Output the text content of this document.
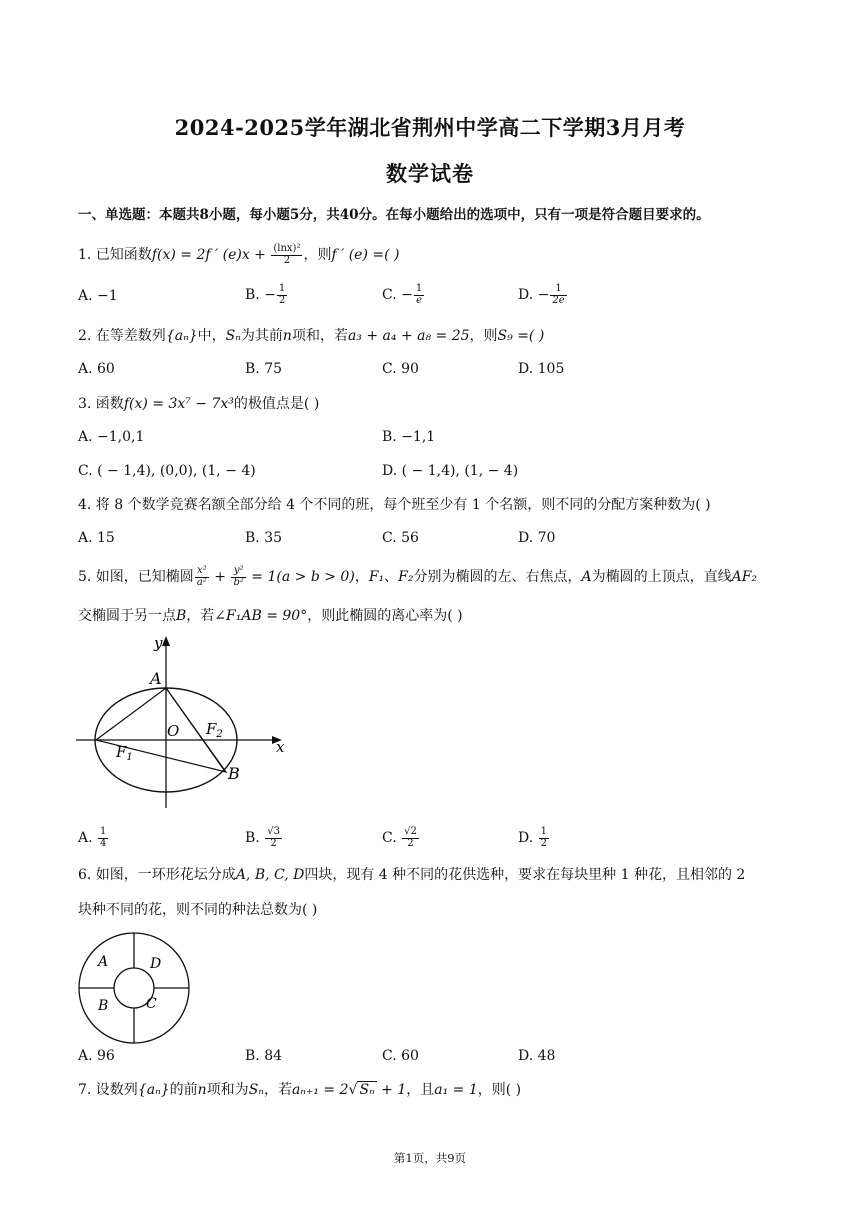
2024-2025学年湖北省荆州中学高二下学期3月月考
数学试卷
一、单选题：本题共8小题，每小题5分，共40分。在每小题给出的选项中，只有一项是符合题目要求的。
1. 已知函数f(x) = 2f ′ $(e)x + \frac{\text{(lnx)²}}{2}$ ，则f ′ (e) =( )
A. −1	B. − $\frac{1}{2}$	C. − $\frac{1}{e}$	D. − $\frac{1}{2e}$
2. 在等差数列{aₙ}中，Sₙ为其前n项和，若a₃ + a₄ + a₈ = 25，则S₉ =( )
A. 60	B. 75	C. 90	D. 105
3. 函数f(x) = 3x⁷ − 7x³的极值点是( )
A. −1,0,1	B. −1,1
C. ( − 1,4), (0,0), (1, − 4)	D. ( − 1,4), (1, − 4)
4. 将 8 个数学竞赛名额全部分给 4 个不同的班，每个班至少有 1 个名额，则不同的分配方案种数为( )
A. 15	B. 35	C. 56	D. 70
5. 如图，已知椭圆 $\frac{\text{x²}}{\text{a²}} + \frac{\text{y²}}{\text{b²}} = 1(a > b > 0)$，F₁、F₂分别为椭圆的左、右焦点，A为椭圆的上顶点，直线AF₂
交椭圆于另一点B，若∠F₁AB = 90°，则此椭圆的离心率为( )
y
x
A
O $F_2$
$F_1$
B
A. $\frac{1}{4}$	B. $\frac{√3}{2}$	C. $\frac{√2}{2}$	D. $\frac{1}{2}$
6. 如图，一环形花坛分成A, B, C, D四块，现有 4 种不同的花供选种，要求在每块里种 1 种花，且相邻的 2
块种不同的花，则不同的种法总数为( )
A	D
B	C
A. 96	B. 84	C. 60	D. 48
7. 设数列{aₙ}的前n项和为Sₙ，若aₙ₊₁ = 2√ Sₙ + 1，且a₁ = 1，则( )
第1页，共9页
